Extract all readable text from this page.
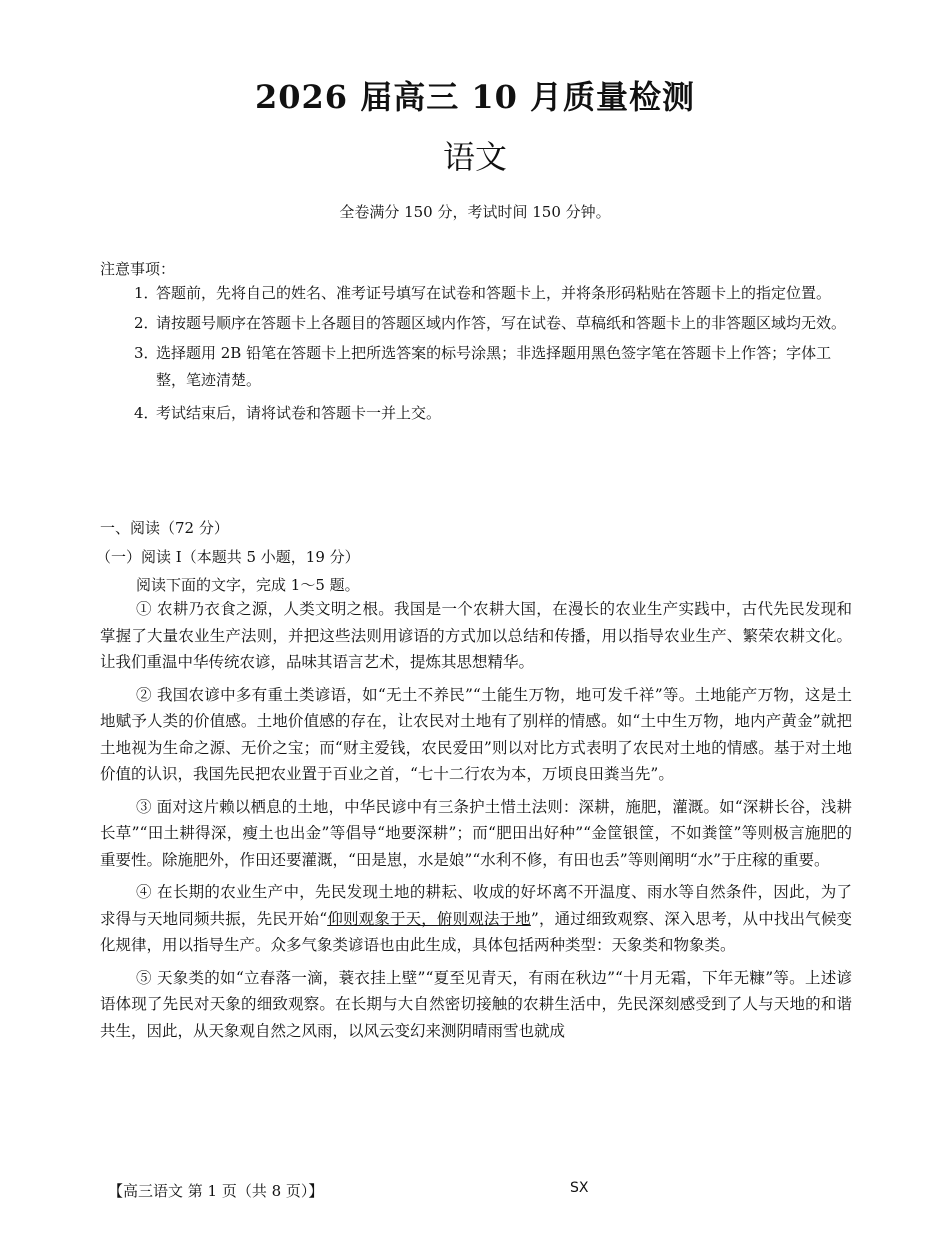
2026 届高三 10 月质量检测
语文
全卷满分 150 分，考试时间 150 分钟。
注意事项：
1．
答题前，先将自己的姓名、准考证号填写在试卷和答题卡上，并将条形码粘贴在答题卡上的指定位置。
2．
请按题号顺序在答题卡上各题目的答题区域内作答，写在试卷、草稿纸和答题卡上的非答题区域均无效。
3．
选择题用 2B 铅笔在答题卡上把所选答案的标号涂黑；非选择题用黑色签字笔在答题卡上作答；字体工整，笔迹清楚。
4．
考试结束后，请将试卷和答题卡一并上交。
一、阅读（72 分）
（一）阅读 I（本题共 5 小题，19 分）
阅读下面的文字，完成 1～5 题。

① 农耕乃衣食之源，人类文明之根。我国是一个农耕大国，在漫长的农业生产实践中，古代先民发现和掌握了大量农业生产法则，并把这些法则用谚语的方式加以总结和传播，用以指导农业生产、繁荣农耕文化。让我们重温中华传统农谚，品味其语言艺术，提炼其思想精华。

② 我国农谚中多有重土类谚语，如“无土不养民”“土能生万物，地可发千祥”等。土地能产万物，这是土地赋予人类的价值感。土地价值感的存在，让农民对土地有了别样的情感。如“土中生万物，地内产黄金”就把土地视为生命之源、无价之宝；而“财主爱钱，农民爱田”则以对比方式表明了农民对土地的情感。基于对土地价值的认识，我国先民把农业置于百业之首，“七十二行农为本，万顷良田粪当先”。

③ 面对这片赖以栖息的土地，中华民谚中有三条护土惜土法则：深耕，施肥，灌溉。如“深耕长谷，浅耕长草”“田土耕得深，瘦土也出金”等倡导“地要深耕”；而“肥田出好种”“金筐银筐，不如粪筐”等则极言施肥的重要性。除施肥外，作田还要灌溉，“田是崽，水是娘”“水利不修，有田也丢”等则阐明“水”于庄稼的重要。

④ 在长期的农业生产中，先民发现土地的耕耘、收成的好坏离不开温度、雨水等自然条件，因此，为了求得与天地同频共振，先民开始“仰则观象于天，俯则观法于地”，通过细致观察、深入思考，从中找出气候变化规律，用以指导生产。众多气象类谚语也由此生成，具体包括两种类型：天象类和物象类。

⑤ 天象类的如“立春落一滴，蓑衣挂上壁”“夏至见青天，有雨在秋边”“十月无霜，下年无糠”等。上述谚语体现了先民对天象的细致观察。在长期与大自然密切接触的农耕生活中，先民深刻感受到了人与天地的和谐共生，因此，从天象观自然之风雨，以风云变幻来测阴晴雨雪也就成

【高三语文 第 1 页（共 8 页）】	SX
